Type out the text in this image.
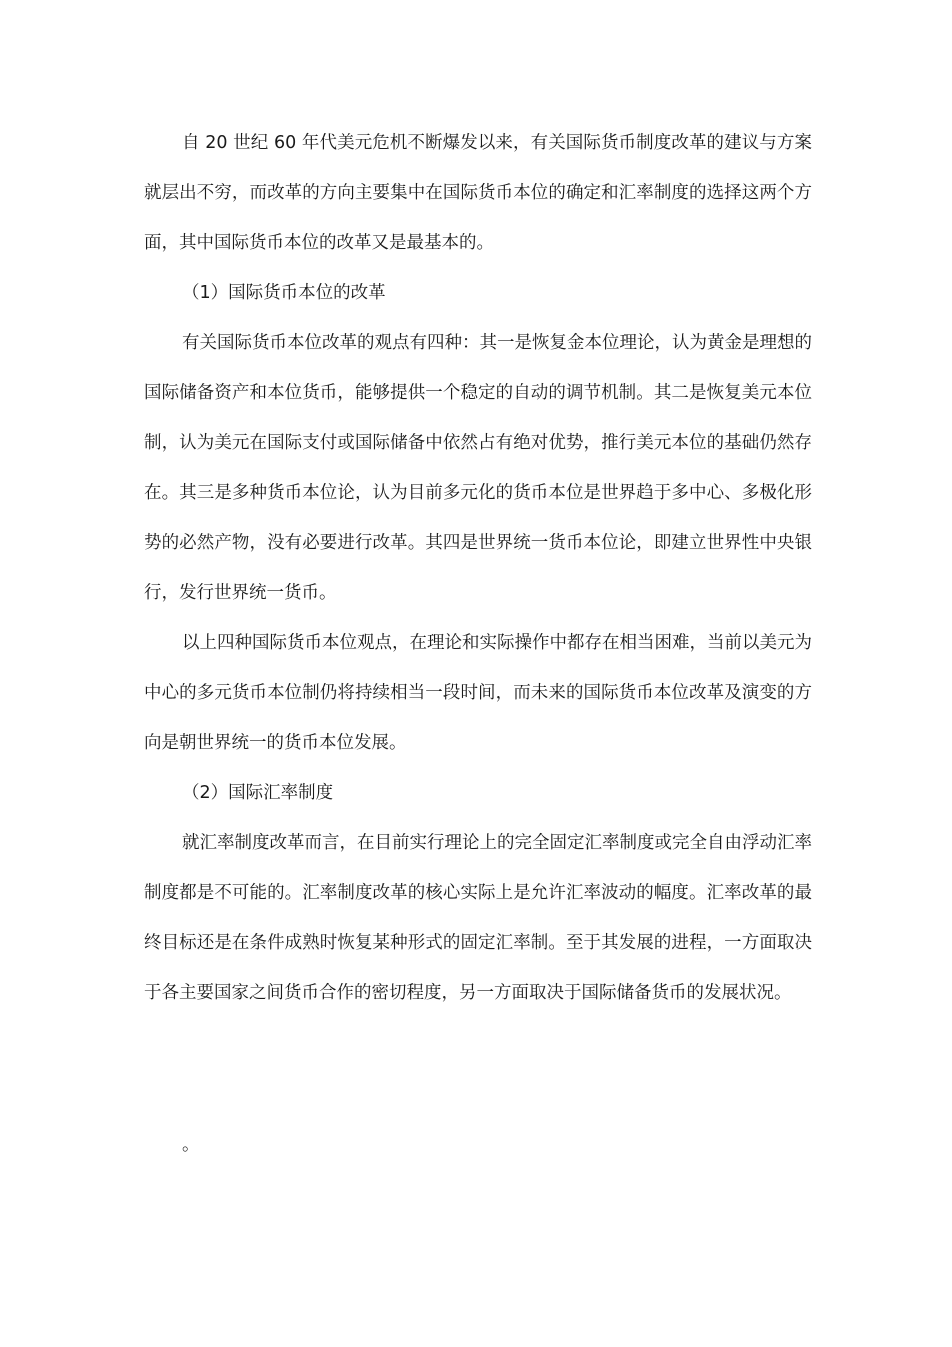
自 20 世纪 60 年代美元危机不断爆发以来，有关国际货币制度改革的建议与方案就层出不穷，而改革的方向主要集中在国际货币本位的确定和汇率制度的选择这两个方面，其中国际货币本位的改革又是最基本的。

（1）国际货币本位的改革

有关国际货币本位改革的观点有四种：其一是恢复金本位理论，认为黄金是理想的国际储备资产和本位货币，能够提供一个稳定的自动的调节机制。其二是恢复美元本位制，认为美元在国际支付或国际储备中依然占有绝对优势，推行美元本位的基础仍然存在。其三是多种货币本位论，认为目前多元化的货币本位是世界趋于多中心、多极化形势的必然产物，没有必要进行改革。其四是世界统一货币本位论，即建立世界性中央银行，发行世界统一货币。

以上四种国际货币本位观点，在理论和实际操作中都存在相当困难，当前以美元为中心的多元货币本位制仍将持续相当一段时间，而未来的国际货币本位改革及演变的方向是朝世界统一的货币本位发展。

（2）国际汇率制度

就汇率制度改革而言，在目前实行理论上的完全固定汇率制度或完全自由浮动汇率制度都是不可能的。汇率制度改革的核心实际上是允许汇率波动的幅度。汇率改革的最终目标还是在条件成熟时恢复某种形式的固定汇率制。至于其发展的进程，一方面取决于各主要国家之间货币合作的密切程度，另一方面取决于国际储备货币的发展状况。

。
